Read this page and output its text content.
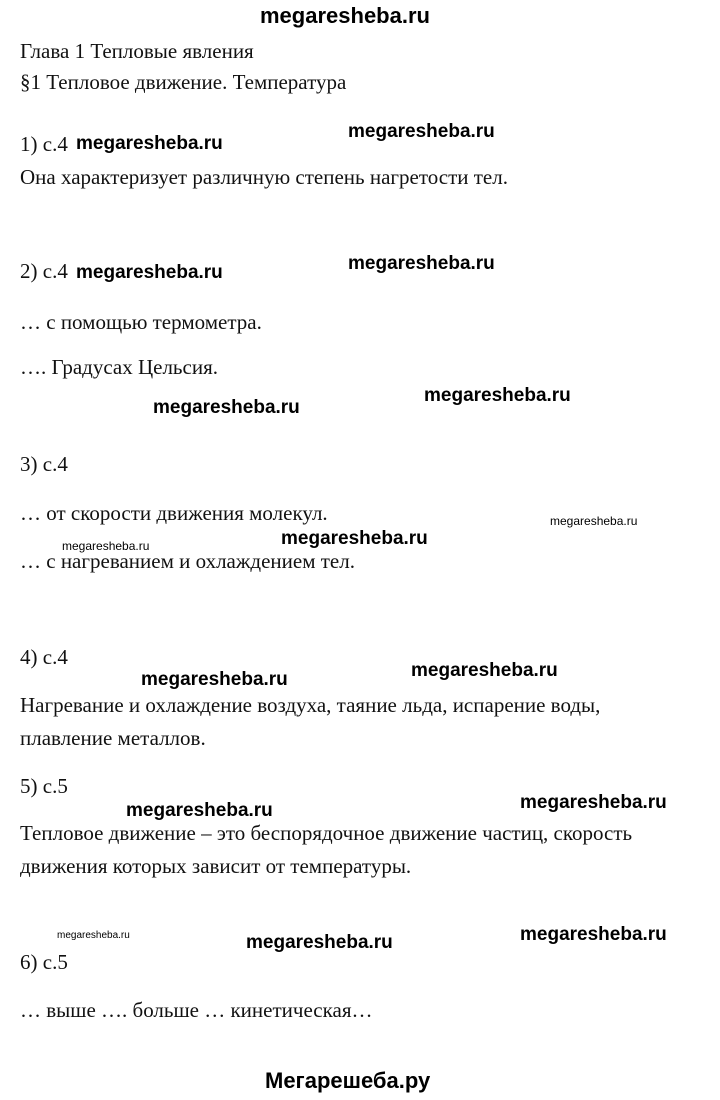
megaresheba.ru
Глава 1 Тепловые явления
§1 Тепловое движение. Температура
1) с.4
Она характеризует различную степень нагретости тел.
2) с.4
… с помощью термометра.
…. Градусах Цельсия.
3) с.4
… от скорости движения молекул.
… с нагреванием и охлаждением тел.
4) с.4
Нагревание и охлаждение воздуха, таяние льда, испарение воды,
плавление металлов.
5) с.5
Тепловое движение – это беспорядочное движение частиц, скорость
движения которых зависит от температуры.
6) с.5
… выше …. больше … кинетическая…
megaresheba.ru
megaresheba.ru
megaresheba.ru	megaresheba.ru
megaresheba.ru
megaresheba.ru
megaresheba.ru
megaresheba.ru	megaresheba.ru
megaresheba.ru	megaresheba.ru
megaresheba.ru	megaresheba.ru
megaresheba.ru	megaresheba.ru	megaresheba.ru
Мегарешеба.ру
